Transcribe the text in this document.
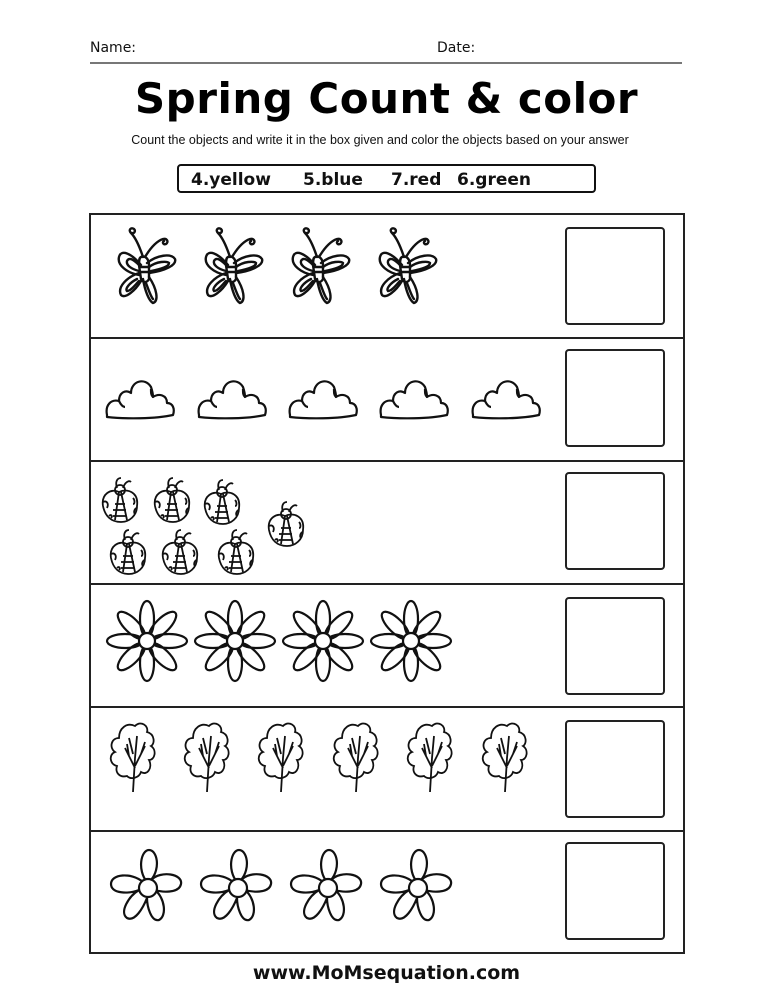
Name:	Date:
Spring Count & color
Count the objects and write it in the box given and color the objects based on your answer
4.yellow 5.blue 7.red 6.green
www.MoMsequation.com
